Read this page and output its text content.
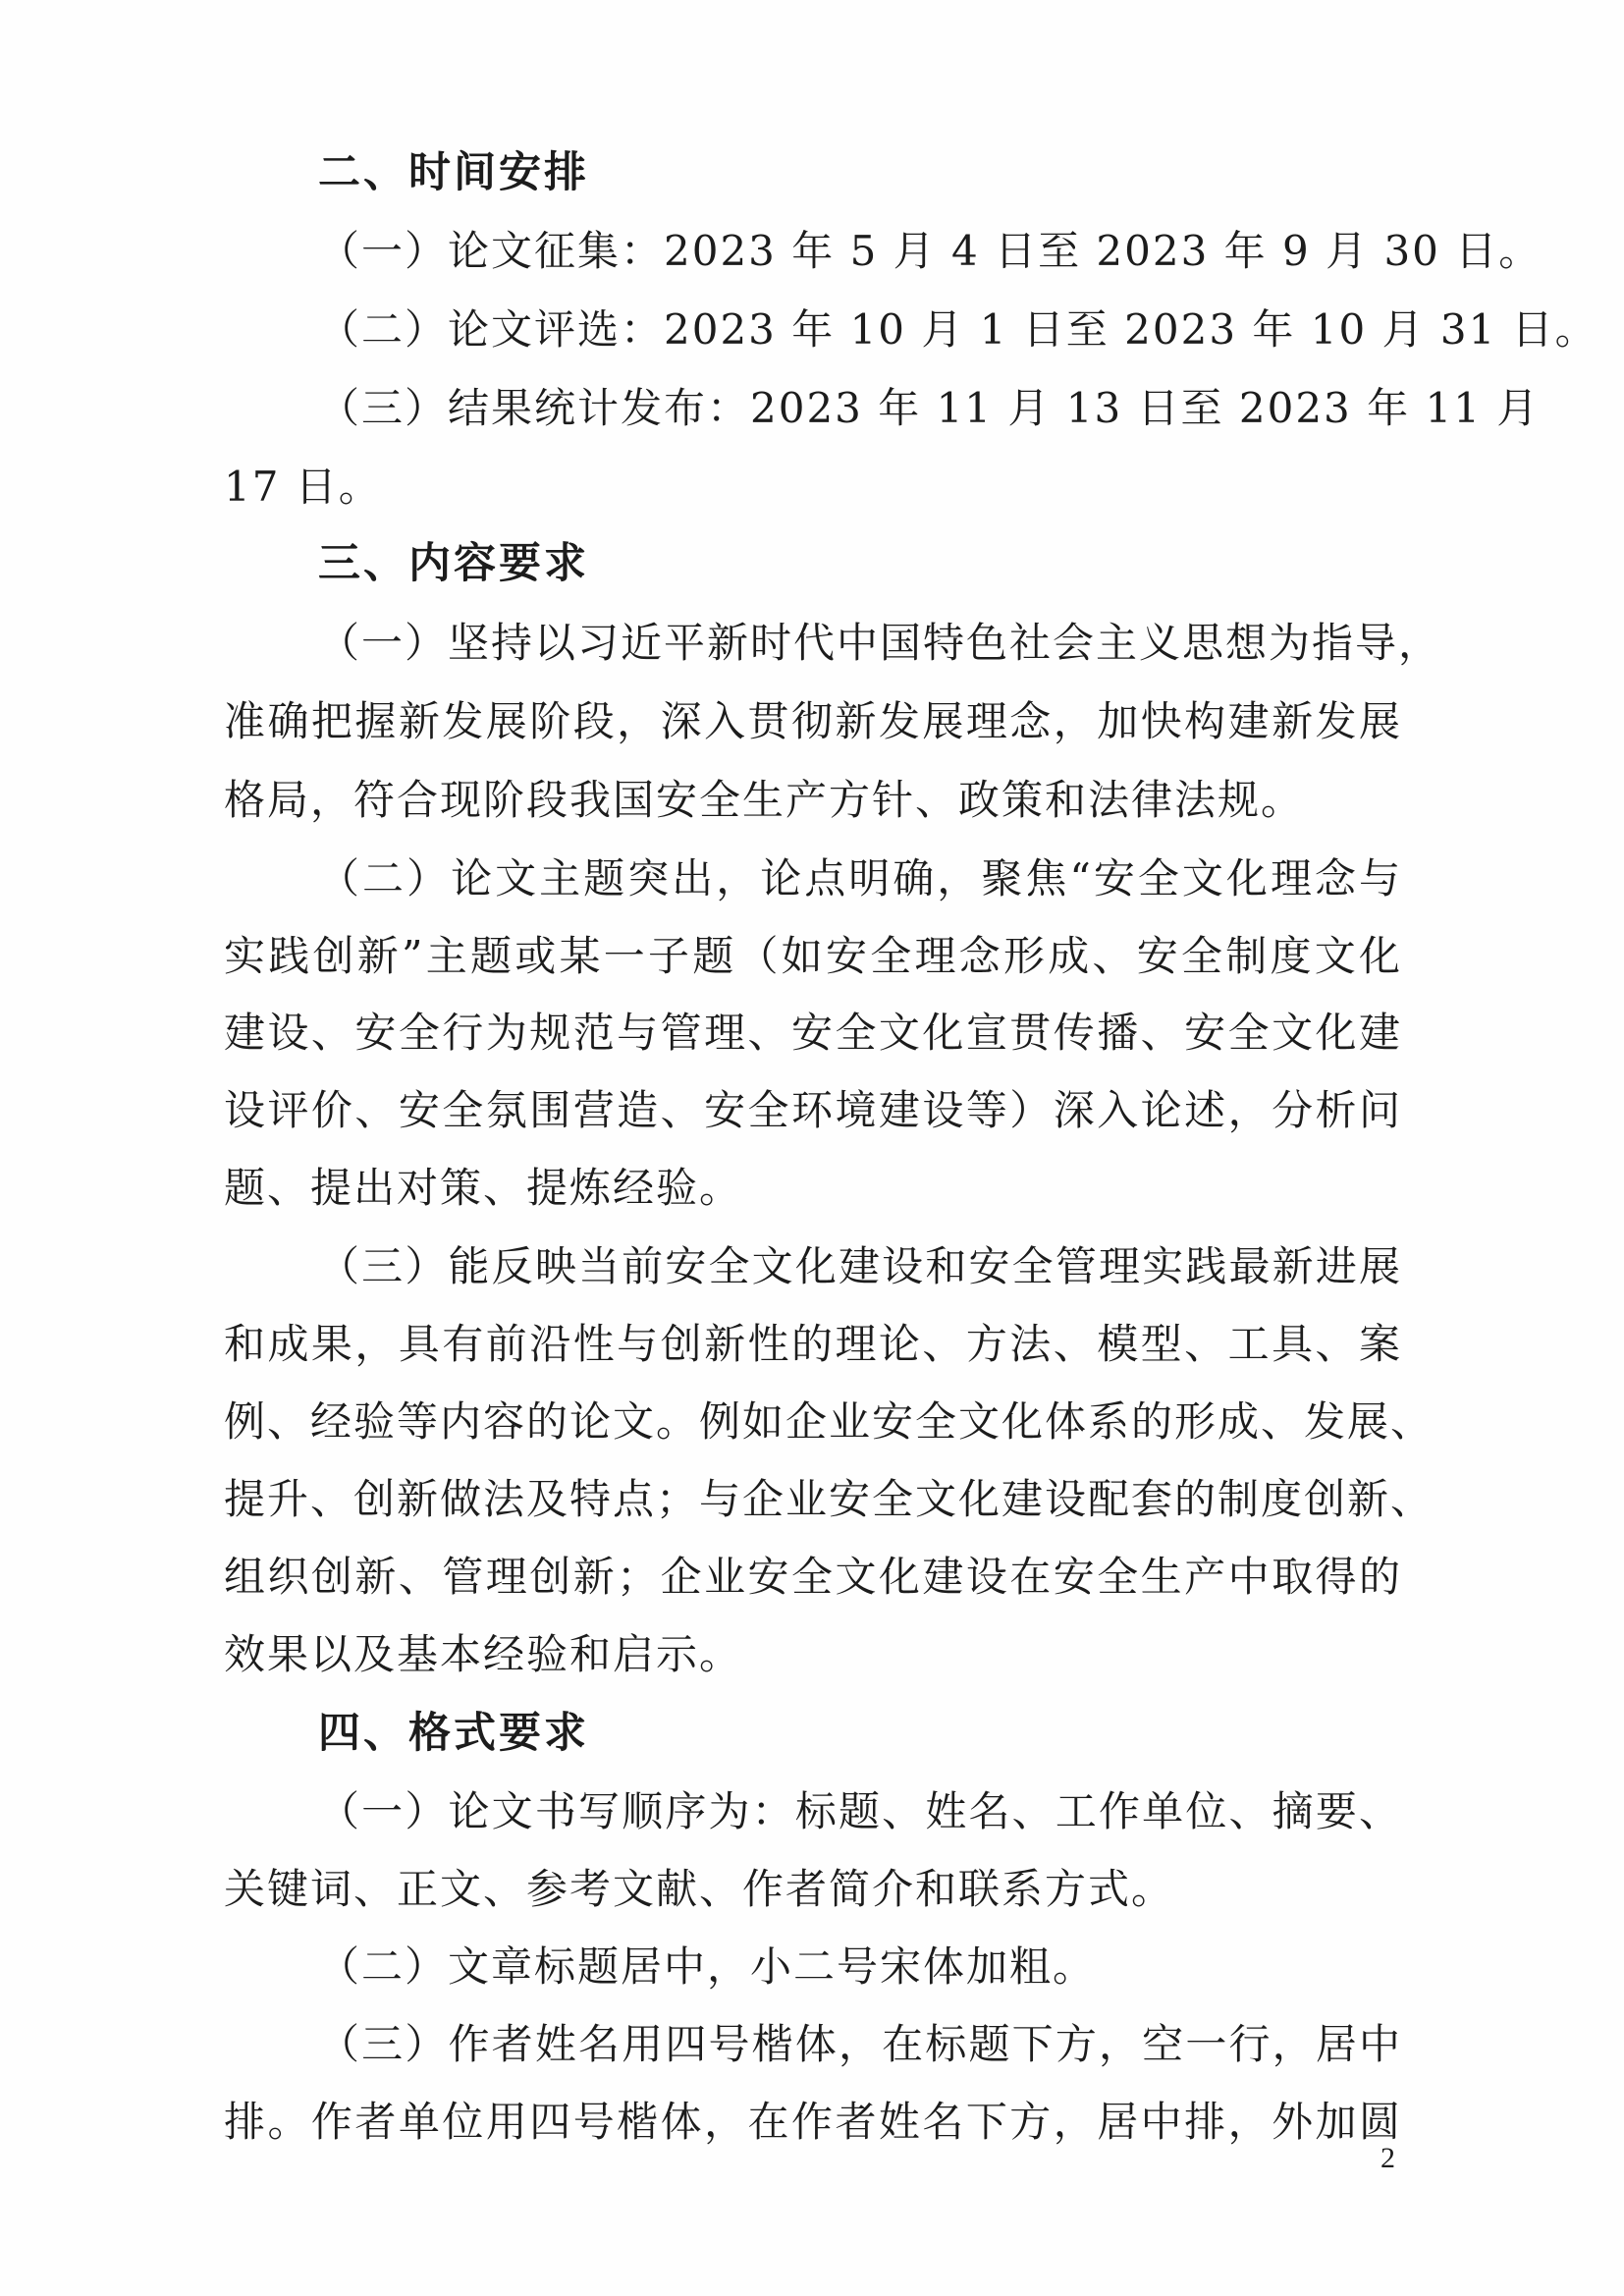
二、时间安排
（一）论文征集：2023 年 5 月 4 日至 2023 年 9 月 30 日。
（二）论文评选：2023 年 10 月 1 日至 2023 年 10 月 31 日。
（三）结果统计发布：2023 年 11 月 13 日至 2023 年 11 月
17 日。
三、内容要求
（一）坚持以习近平新时代中国特色社会主义思想为指导，
准确把握新发展阶段，深入贯彻新发展理念，加快构建新发展
格局，符合现阶段我国安全生产方针、政策和法律法规。
（二）论文主题突出，论点明确，聚焦“安全文化理念与
实践创新”主题或某一子题（如安全理念形成、安全制度文化
建设、安全行为规范与管理、安全文化宣贯传播、安全文化建
设评价、安全氛围营造、安全环境建设等）深入论述，分析问
题、提出对策、提炼经验。
（三）能反映当前安全文化建设和安全管理实践最新进展
和成果，具有前沿性与创新性的理论、方法、模型、工具、案
例、经验等内容的论文。例如企业安全文化体系的形成、发展、
提升、创新做法及特点；与企业安全文化建设配套的制度创新、
组织创新、管理创新；企业安全文化建设在安全生产中取得的
效果以及基本经验和启示。
四、格式要求
（一）论文书写顺序为：标题、姓名、工作单位、摘要、
关键词、正文、参考文献、作者简介和联系方式。
（二）文章标题居中，小二号宋体加粗。
（三）作者姓名用四号楷体，在标题下方，空一行，居中
排。作者单位用四号楷体，在作者姓名下方，居中排，外加圆
2
